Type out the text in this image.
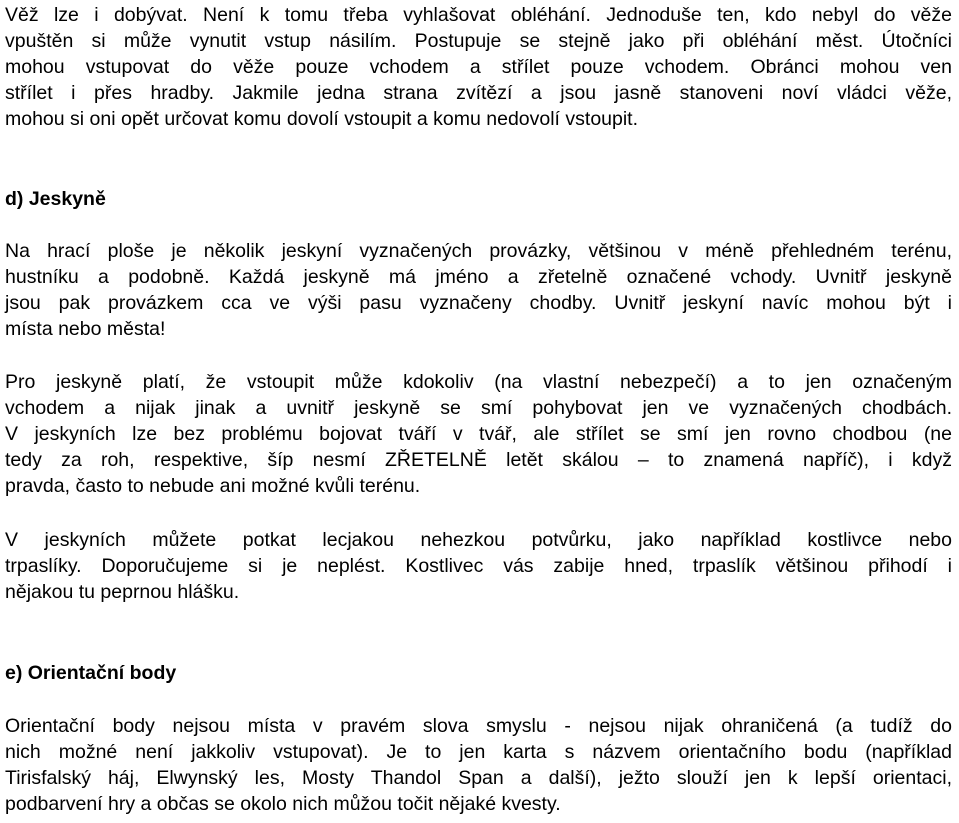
Věž lze i dobývat. Není k tomu třeba vyhlašovat obléhání. Jednoduše ten, kdo nebyl do věže

vpuštěn si může vynutit vstup násilím. Postupuje se stejně jako při obléhání měst. Útočníci

mohou vstupovat do věže pouze vchodem a střílet pouze vchodem. Obránci mohou ven

střílet i přes hradby. Jakmile jedna strana zvítězí a jsou jasně stanoveni noví vládci věže,

mohou si oni opět určovat komu dovolí vstoupit a komu nedovolí vstoupit.

d) Jeskyně

Na hrací ploše je několik jeskyní vyznačených provázky, většinou v méně přehledném terénu,

hustníku a podobně. Každá jeskyně má jméno a zřetelně označené vchody. Uvnitř jeskyně

jsou pak provázkem cca ve výši pasu vyznačeny chodby. Uvnitř jeskyní navíc mohou být i

místa nebo města!

Pro jeskyně platí, že vstoupit může kdokoliv (na vlastní nebezpečí) a to jen označeným

vchodem a nijak jinak a uvnitř jeskyně se smí pohybovat jen ve vyznačených chodbách.

V jeskyních lze bez problému bojovat tváří v tvář, ale střílet se smí jen rovno chodbou (ne

tedy za roh, respektive, šíp nesmí ZŘETELNĚ letět skálou – to znamená napříč), i když

pravda, často to nebude ani možné kvůli terénu.

V jeskyních můžete potkat lecjakou nehezkou potvůrku, jako například kostlivce nebo

trpaslíky. Doporučujeme si je neplést. Kostlivec vás zabije hned, trpaslík většinou přihodí i

nějakou tu peprnou hlášku.

e) Orientační body

Orientační body nejsou místa v pravém slova smyslu - nejsou nijak ohraničená (a tudíž do

nich možné není jakkoliv vstupovat). Je to jen karta s názvem orientačního bodu (například

Tirisfalský háj, Elwynský les, Mosty Thandol Span a další), ježto slouží jen k lepší orientaci,

podbarvení hry a občas se okolo nich můžou točit nějaké kvesty.
